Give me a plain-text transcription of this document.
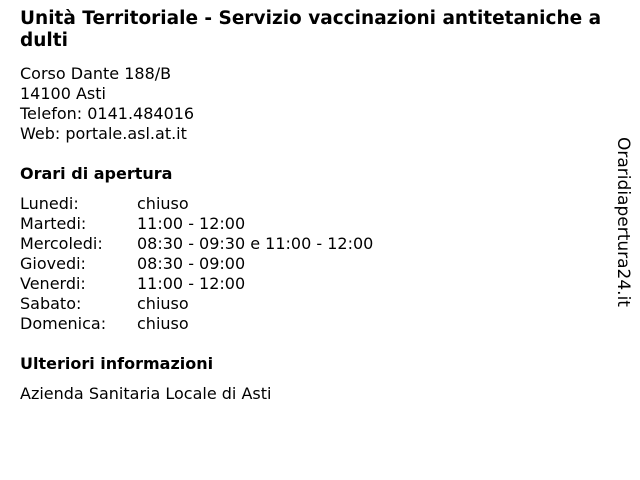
Unità Territoriale - Servizio vaccinazioni antitetaniche adulti
Corso Dante 188/B
14100 Asti
Telefon: 0141.484016
Web: portale.asl.at.it
Orari di apertura
Lunedi:	chiuso
Martedi:	11:00 - 12:00
Mercoledi:	08:30 - 09:30 e 11:00 - 12:00
Giovedi:	08:30 - 09:00
Venerdi:	11:00 - 12:00
Sabato:	chiuso
Domenica:	chiuso
Ulteriori informazioni
Azienda Sanitaria Locale di Asti
Oraridiapertura24.it
